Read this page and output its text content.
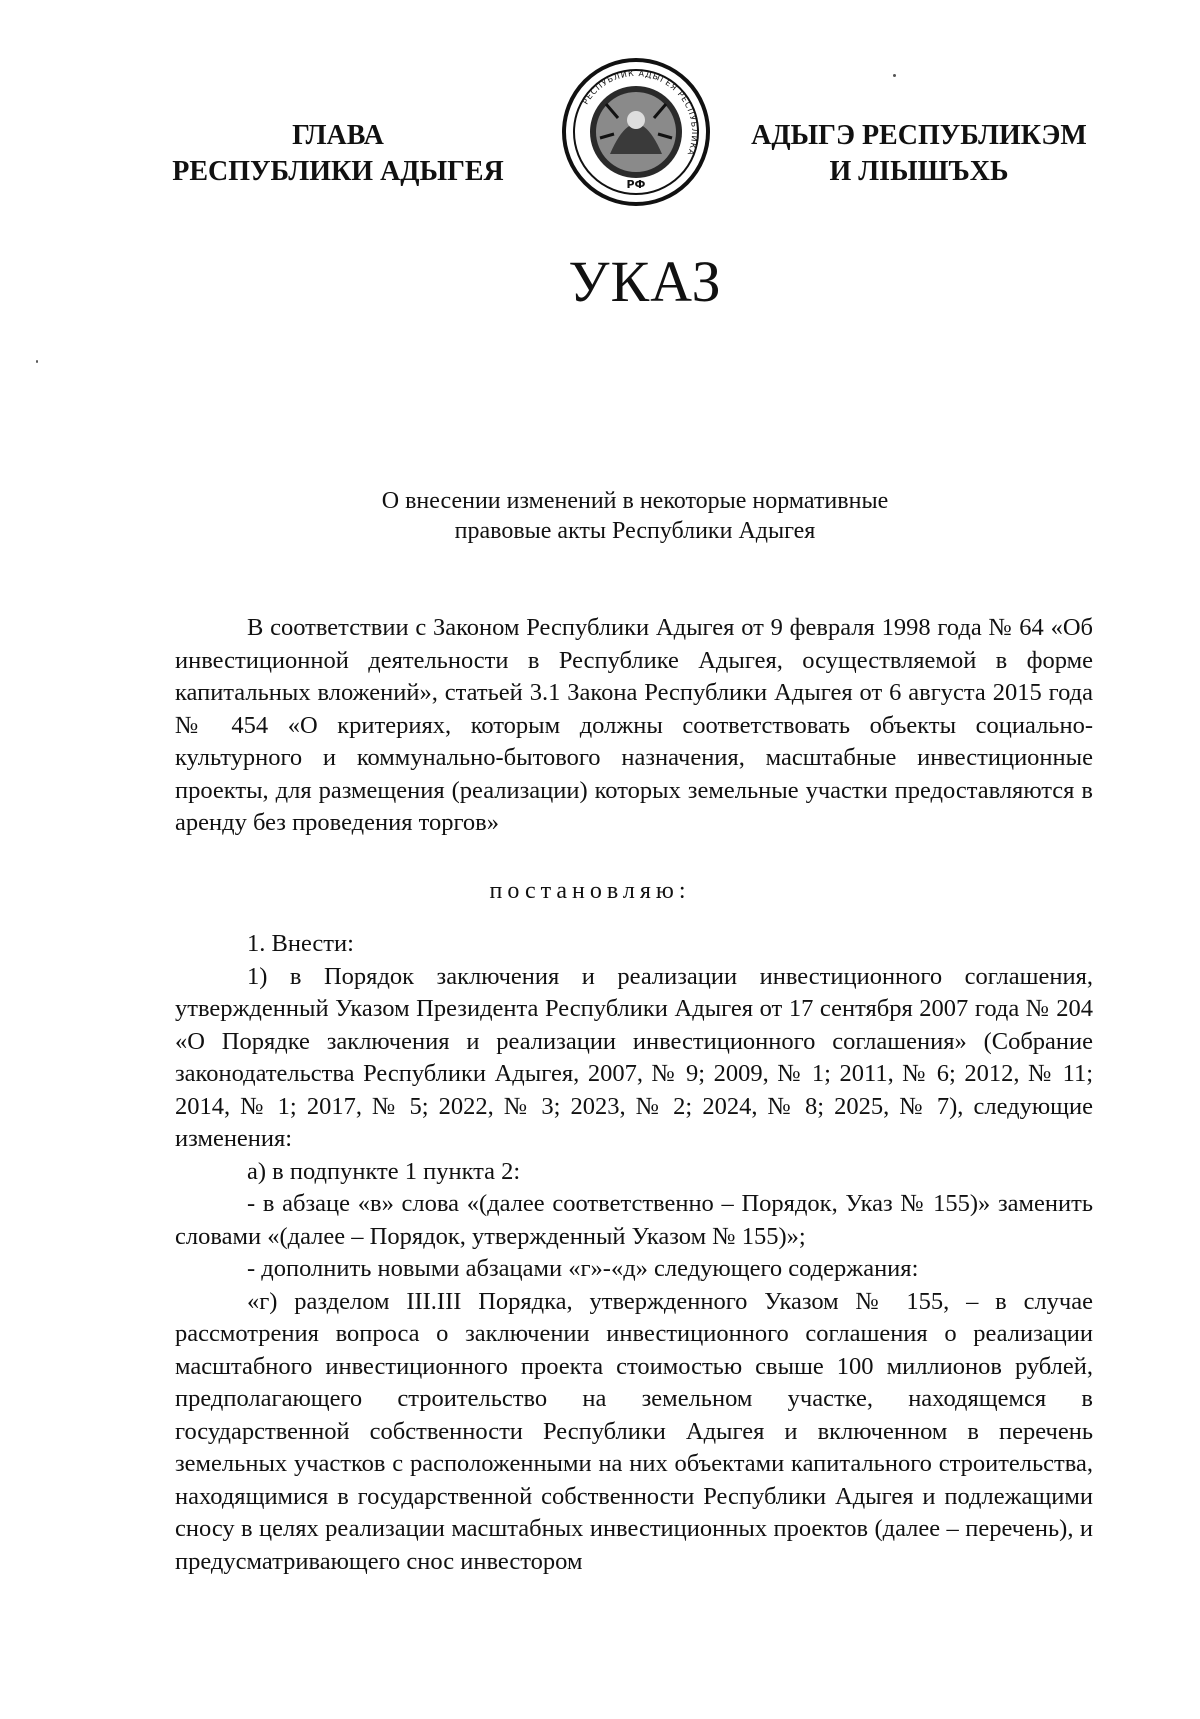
ГЛАВА
РЕСПУБЛИКИ АДЫГЕЯ
РЕСПУБЛИК АДЫГЕЯ РЕСПУБЛИКА
РФ
АДЫГЭ РЕСПУБЛИКЭМ
И ЛІЫШЪХЬ
УКАЗ
О внесении изменений в некоторые нормативные
правовые акты Республики Адыгея

В соответствии с Законом Республики Адыгея от 9 февраля 1998 года № 64 «Об инвестиционной деятельности в Республике Адыгея, осуществляемой в форме капитальных вложений», статьей 3.1 Закона Республики Адыгея от 6 августа 2015 года № 454 «О критериях, которым должны соответствовать объекты социально-культурного и коммунально-бытового назначения, масштабные инвестиционные проекты, для размещения (реализации) которых земельные участки предоставляются в аренду без проведения торгов»

постановляю:

1. Внести:

1) в Порядок заключения и реализации инвестиционного соглашения, утвержденный Указом Президента Республики Адыгея от 17 сентября 2007 года № 204 «О Порядке заключения и реализации инвестиционного соглашения» (Собрание законодательства Республики Адыгея, 2007, № 9; 2009, № 1; 2011, № 6; 2012, № 11; 2014, № 1; 2017, № 5; 2022, № 3; 2023, № 2; 2024, № 8; 2025, № 7), следующие изменения:

а) в подпункте 1 пункта 2:

- в абзаце «в» слова «(далее соответственно – Порядок, Указ № 155)» заменить словами «(далее – Порядок, утвержденный Указом № 155)»;

- дополнить новыми абзацами «г»-«д» следующего содержания:

«г) разделом III.III Порядка, утвержденного Указом № 155, – в случае рассмотрения вопроса о заключении инвестиционного соглашения о реализации масштабного инвестиционного проекта стоимостью свыше 100 миллионов рублей, предполагающего строительство на земельном участке, находящемся в государственной собственности Республики Адыгея и включенном в перечень земельных участков с расположенными на них объектами капитального строительства, находящимися в государственной собственности Республики Адыгея и подлежащими сносу в целях реализации масштабных инвестиционных проектов (далее – перечень), и предусматривающего снос инвестором
